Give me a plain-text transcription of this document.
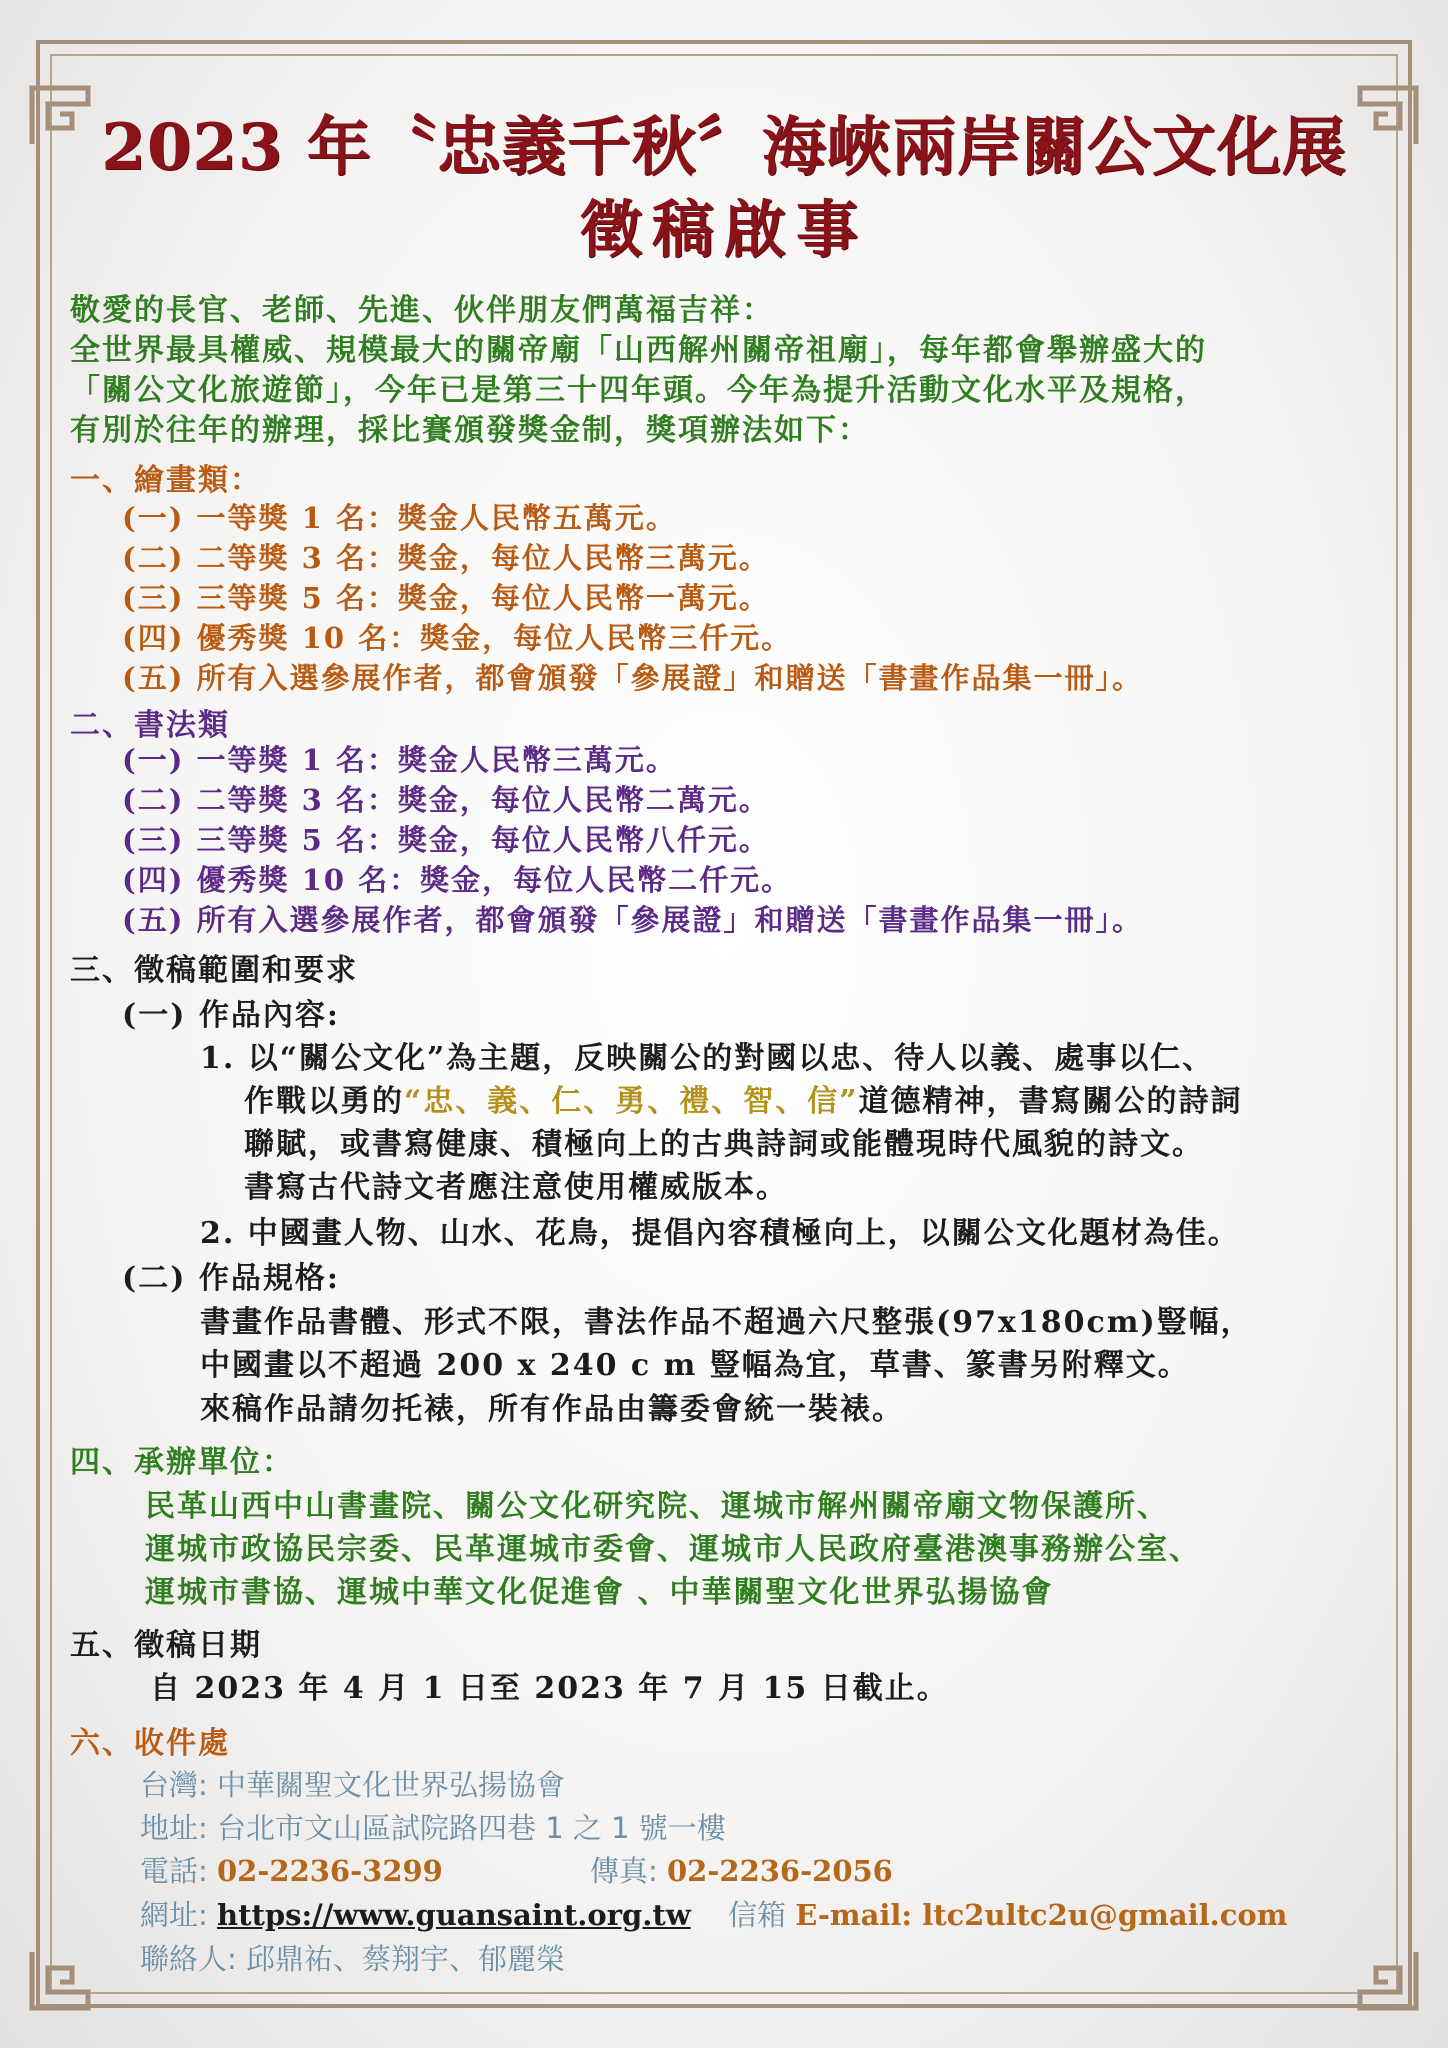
2023 年〝忠義千秋〞海峽兩岸關公文化展
徵稿啟事
敬愛的長官、老師、先進、伙伴朋友們萬福吉祥：
全世界最具權威、規模最大的關帝廟「山西解州關帝祖廟」，每年都會舉辦盛大的
「關公文化旅遊節」，今年已是第三十四年頭。今年為提升活動文化水平及規格，
有別於往年的辦理，採比賽頒發獎金制，獎項辦法如下：
一、繪畫類：
(一) 一等獎 1 名：獎金人民幣五萬元。
(二) 二等獎 3 名：獎金，每位人民幣三萬元。
(三) 三等獎 5 名：獎金，每位人民幣一萬元。
(四) 優秀獎 10 名：獎金，每位人民幣三仟元。
(五) 所有入選參展作者，都會頒發「參展證」和贈送「書畫作品集一冊」。
二、書法類
(一) 一等獎 1 名：獎金人民幣三萬元。
(二) 二等獎 3 名：獎金，每位人民幣二萬元。
(三) 三等獎 5 名：獎金，每位人民幣八仟元。
(四) 優秀獎 10 名：獎金，每位人民幣二仟元。
(五) 所有入選參展作者，都會頒發「參展證」和贈送「書畫作品集一冊」。
三、徵稿範圍和要求
(一) 作品內容:
1. 以“關公文化”為主題，反映關公的對國以忠、待人以義、處事以仁、
作戰以勇的“忠、義、仁、勇、禮、智、信”道德精神，書寫關公的詩詞
聯賦，或書寫健康、積極向上的古典詩詞或能體現時代風貌的詩文。
書寫古代詩文者應注意使用權威版本。
2. 中國畫人物、山水、花鳥，提倡內容積極向上，以關公文化題材為佳。
(二) 作品規格:
書畫作品書體、形式不限，書法作品不超過六尺整張(97x180cm)豎幅，
中國畫以不超過 200 x 240 c m 豎幅為宜，草書、篆書另附釋文。
來稿作品請勿托裱，所有作品由籌委會統一裝裱。
四、承辦單位：
民革山西中山書畫院、關公文化研究院、運城市解州關帝廟文物保護所、
運城市政協民宗委、民革運城市委會、運城市人民政府臺港澳事務辦公室、
運城市書協、運城中華文化促進會 、中華關聖文化世界弘揚協會
五、徵稿日期
自 2023 年 4 月 1 日至 2023 年 7 月 15 日截止。
六、收件處
台灣: 中華關聖文化世界弘揚協會
地址: 台北市文山區試院路四巷 1 之 1 號一樓
電話: 02-2236-3299	傳真: 02-2236-2056
網址: https://www.guansaint.org.tw 信箱 E-mail: ltc2ultc2u@gmail.com
聯絡人: 邱鼎祐、蔡翔宇、郁麗榮
